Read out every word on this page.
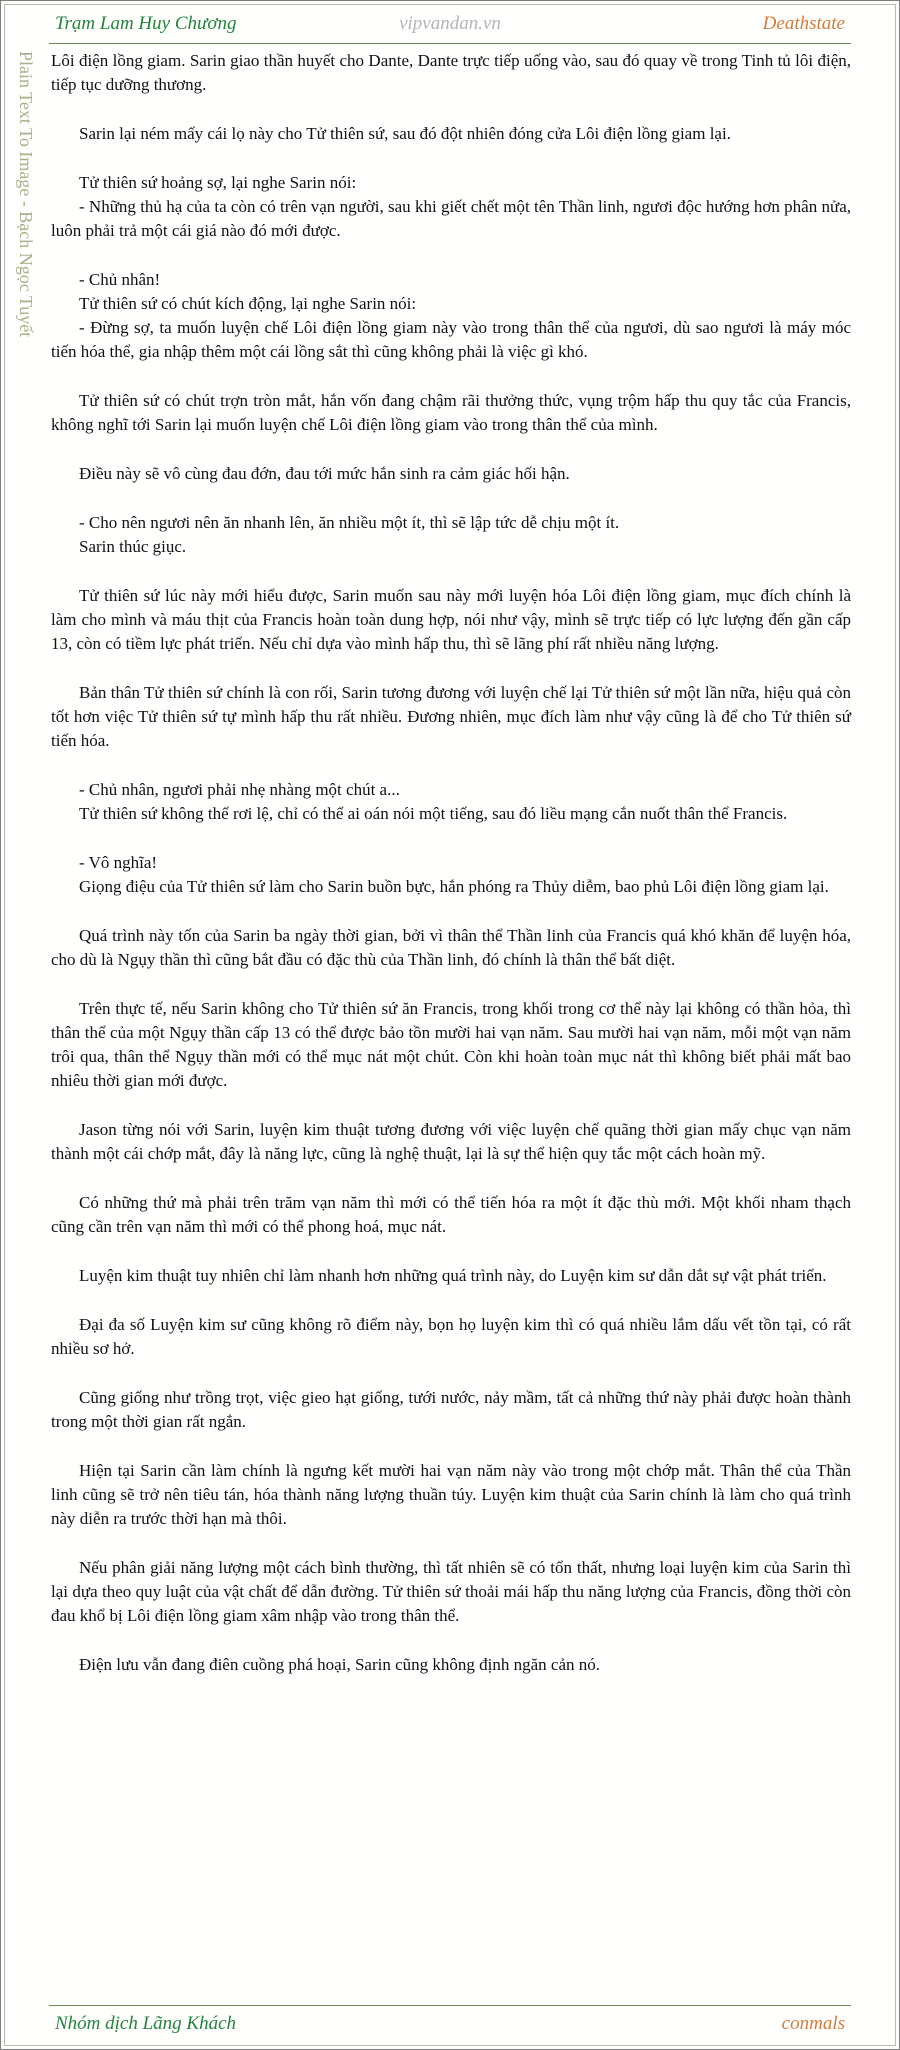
Trạm Lam Huy Chương	vipvandan.vn	Deathstate
Plain Text To Image - Bạch Ngọc Tuyết Lôi điện lồng giam. Sarin giao thần huyết cho Dante, Dante trực tiếp uống vào, sau đó quay về trong Tinh tủ lôi điện, tiếp tục dưỡng thương.

Sarin lại ném mấy cái lọ này cho Tử thiên sứ, sau đó đột nhiên đóng cửa Lôi điện lồng giam lại.

Tử thiên sứ hoảng sợ, lại nghe Sarin nói:
- Những thủ hạ của ta còn có trên vạn người, sau khi giết chết một tên Thần linh, ngươi độc hướng hơn phân nửa, luôn phải trả một cái giá nào đó mới được.

- Chủ nhân!
Tử thiên sứ có chút kích động, lại nghe Sarin nói:
- Đừng sợ, ta muốn luyện chế Lôi điện lồng giam này vào trong thân thể của ngươi, dù sao ngươi là máy móc tiến hóa thể, gia nhập thêm một cái lồng sắt thì cũng không phải là việc gì khó.

Tử thiên sứ có chút trợn tròn mắt, hắn vốn đang chậm rãi thưởng thức, vụng trộm hấp thu quy tắc của Francis, không nghĩ tới Sarin lại muốn luyện chế Lôi điện lồng giam vào trong thân thể của mình.

Điều này sẽ vô cùng đau đớn, đau tới mức hắn sinh ra cảm giác hối hận.

- Cho nên ngươi nên ăn nhanh lên, ăn nhiều một ít, thì sẽ lập tức dễ chịu một ít.
Sarin thúc giục.

Tử thiên sứ lúc này mới hiểu được, Sarin muốn sau này mới luyện hóa Lôi điện lồng giam, mục đích chính là làm cho mình và máu thịt của Francis hoàn toàn dung hợp, nói như vậy, mình sẽ trực tiếp có lực lượng đến gần cấp 13, còn có tiềm lực phát triển. Nếu chỉ dựa vào mình hấp thu, thì sẽ lãng phí rất nhiều năng lượng.

Bản thân Tử thiên sứ chính là con rối, Sarin tương đương với luyện chế lại Tử thiên sứ một lần nữa, hiệu quả còn tốt hơn việc Tử thiên sứ tự mình hấp thu rất nhiều. Đương nhiên, mục đích làm như vậy cũng là để cho Tử thiên sứ tiến hóa.

- Chủ nhân, ngươi phải nhẹ nhàng một chút a...
Tử thiên sứ không thể rơi lệ, chỉ có thể ai oán nói một tiếng, sau đó liều mạng cắn nuốt thân thể Francis.

- Vô nghĩa!
Giọng điệu của Tử thiên sứ làm cho Sarin buồn bực, hắn phóng ra Thủy diễm, bao phủ Lôi điện lồng giam lại.

Quá trình này tốn của Sarin ba ngày thời gian, bởi vì thân thể Thần linh của Francis quá khó khăn để luyện hóa, cho dù là Ngụy thần thì cũng bắt đầu có đặc thù của Thần linh, đó chính là thân thể bất diệt.

Trên thực tế, nếu Sarin không cho Tử thiên sứ ăn Francis, trong khối trong cơ thể này lại không có thần hỏa, thì thân thể của một Ngụy thần cấp 13 có thể được bảo tồn mười hai vạn năm. Sau mười hai vạn năm, mỗi một vạn năm trôi qua, thân thể Ngụy thần mới có thể mục nát một chút. Còn khi hoàn toàn mục nát thì không biết phải mất bao nhiêu thời gian mới được.

Jason từng nói với Sarin, luyện kim thuật tương đương với việc luyện chế quãng thời gian mấy chục vạn năm thành một cái chớp mắt, đây là năng lực, cũng là nghệ thuật, lại là sự thể hiện quy tắc một cách hoàn mỹ.

Có những thứ mà phải trên trăm vạn năm thì mới có thể tiến hóa ra một ít đặc thù mới. Một khối nham thạch cũng cần trên vạn năm thì mới có thể phong hoá, mục nát.

Luyện kim thuật tuy nhiên chỉ làm nhanh hơn những quá trình này, do Luyện kim sư dẫn dắt sự vật phát triển.

Đại đa số Luyện kim sư cũng không rõ điểm này, bọn họ luyện kim thì có quá nhiều lắm dấu vết tồn tại, có rất nhiều sơ hở.

Cũng giống như trồng trọt, việc gieo hạt giống, tưới nước, nảy mầm, tất cả những thứ này phải được hoàn thành trong một thời gian rất ngắn.

Hiện tại Sarin cần làm chính là ngưng kết mười hai vạn năm này vào trong một chớp mắt. Thân thể của Thần linh cũng sẽ trở nên tiêu tán, hóa thành năng lượng thuần túy. Luyện kim thuật của Sarin chính là làm cho quá trình này diễn ra trước thời hạn mà thôi.

Nếu phân giải năng lượng một cách bình thường, thì tất nhiên sẽ có tổn thất, nhưng loại luyện kim của Sarin thì lại dựa theo quy luật của vật chất để dẫn đường. Tử thiên sứ thoải mái hấp thu năng lượng của Francis, đồng thời còn đau khổ bị Lôi điện lồng giam xâm nhập vào trong thân thể.

Điện lưu vẫn đang điên cuồng phá hoại, Sarin cũng không định ngăn cản nó.

Nhóm dịch Lãng Khách	conmals
